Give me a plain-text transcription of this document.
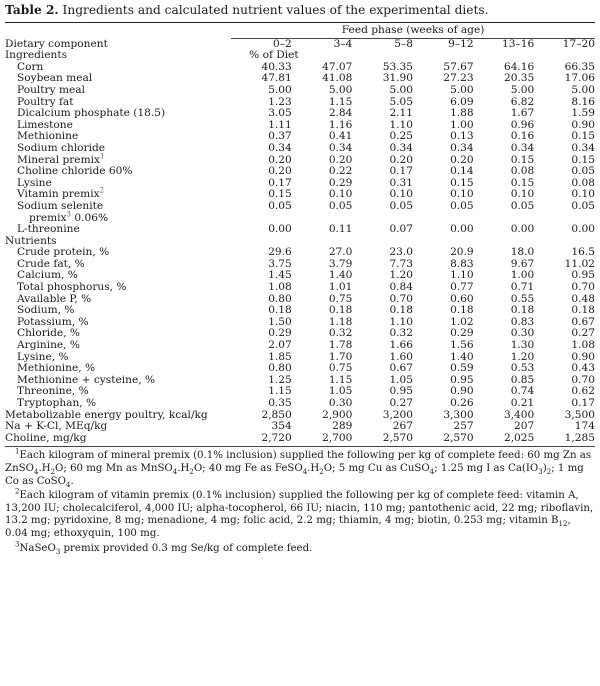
Table 2. Ingredients and calculated nutrient values of the experimental diets.
	Feed phase (weeks of age)					
Dietary component	0–2	3–4	5–8	9–12	13–16	17–20
Ingredients	% of Diet					
Corn	40.33	47.07	53.35	57.67	64.16	66.35
Soybean meal	47.81	41.08	31.90	27.23	20.35	17.06
Poultry meal	5.00	5.00	5.00	5.00	5.00	5.00
Poultry fat	1.23	1.15	5.05	6.09	6.82	8.16
Dicalcium phosphate (18.5)	3.05	2.84	2.11	1.88	1.67	1.59
Limestone	1.11	1.16	1.10	1.00	0.96	0.90
Methionine	0.37	0.41	0.25	0.13	0.16	0.15
Sodium chloride	0.34	0.34	0.34	0.34	0.34	0.34
Mineral premix$^1$	0.20	0.20	0.20	0.20	0.15	0.15
Choline chloride 60%	0.20	0.22	0.17	0.14	0.08	0.05
Lysine	0.17	0.29	0.31	0.15	0.15	0.08
Vitamin premix$^2$	0.15	0.10	0.10	0.10	0.10	0.10
Sodium selenite	0.05	0.05	0.05	0.05	0.05	0.05
premix$^3$ 0.06%						
L-threonine	0.00	0.11	0.07	0.00	0.00	0.00
Nutrients						
Crude protein, %	29.6	27.0	23.0	20.9	18.0	16.5
Crude fat, %	3.75	3.79	7.73	8.83	9.67	11.02
Calcium, %	1.45	1.40	1.20	1.10	1.00	0.95
Total phosphorus, %	1.08	1.01	0.84	0.77	0.71	0.70
Available P, %	0.80	0.75	0.70	0.60	0.55	0.48
Sodium, %	0.18	0.18	0.18	0.18	0.18	0.18
Potassium, %	1.50	1.18	1.10	1.02	0.83	0.67
Chloride, %	0.29	0.32	0.32	0.29	0.30	0.27
Arginine, %	2.07	1.78	1.66	1.56	1.30	1.08
Lysine, %	1.85	1.70	1.60	1.40	1.20	0.90
Methionine, %	0.80	0.75	0.67	0.59	0.53	0.43
Methionine + cysteine, %	1.25	1.15	1.05	0.95	0.85	0.70
Threonine, %	1.15	1.05	0.95	0.90	0.74	0.62
Tryptophan, %	0.35	0.30	0.27	0.26	0.21	0.17
Metabolizable energy poultry, kcal/kg	2,850	2,900	3,200	3,300	3,400	3,500
Na + K-Cl, MEq/kg	354	289	267	257	207	174
Choline, mg/kg	2,720	2,700	2,570	2,570	2,025	1,285

$^1$Each kilogram of mineral premix (0.1% inclusion) supplied the following per kg of complete feed: 60 mg Zn as $ZnSO_4.H_2O$; 60 mg Mn as $MnSO_4.H_2O$; 40 mg Fe as $FeSO_4.H_2O$; 5 mg Cu as CuSO$_4$; 1.25 mg I as $Ca(IO_3)_2$; 1 mg Co as CoSO$_4$.

$^2$Each kilogram of vitamin premix (0.1% inclusion) supplied the following per kg of complete feed: vitamin A, 13,200 IU; cholecalciferol, 4,000 IU; alpha-tocopherol, 66 IU; niacin, 110 mg; pantothenic acid, 22 mg; riboflavin, 13.2 mg; pyridoxine, 8 mg; menadione, 4 mg; folic acid, 2.2 mg; thiamin, 4 mg; biotin, 0.253 mg; vitamin $B_{12}$, 0.04 mg; ethoxyquin, 100 mg.

$^3$NaSeO$_3$ premix provided 0.3 mg Se/kg of complete feed.
